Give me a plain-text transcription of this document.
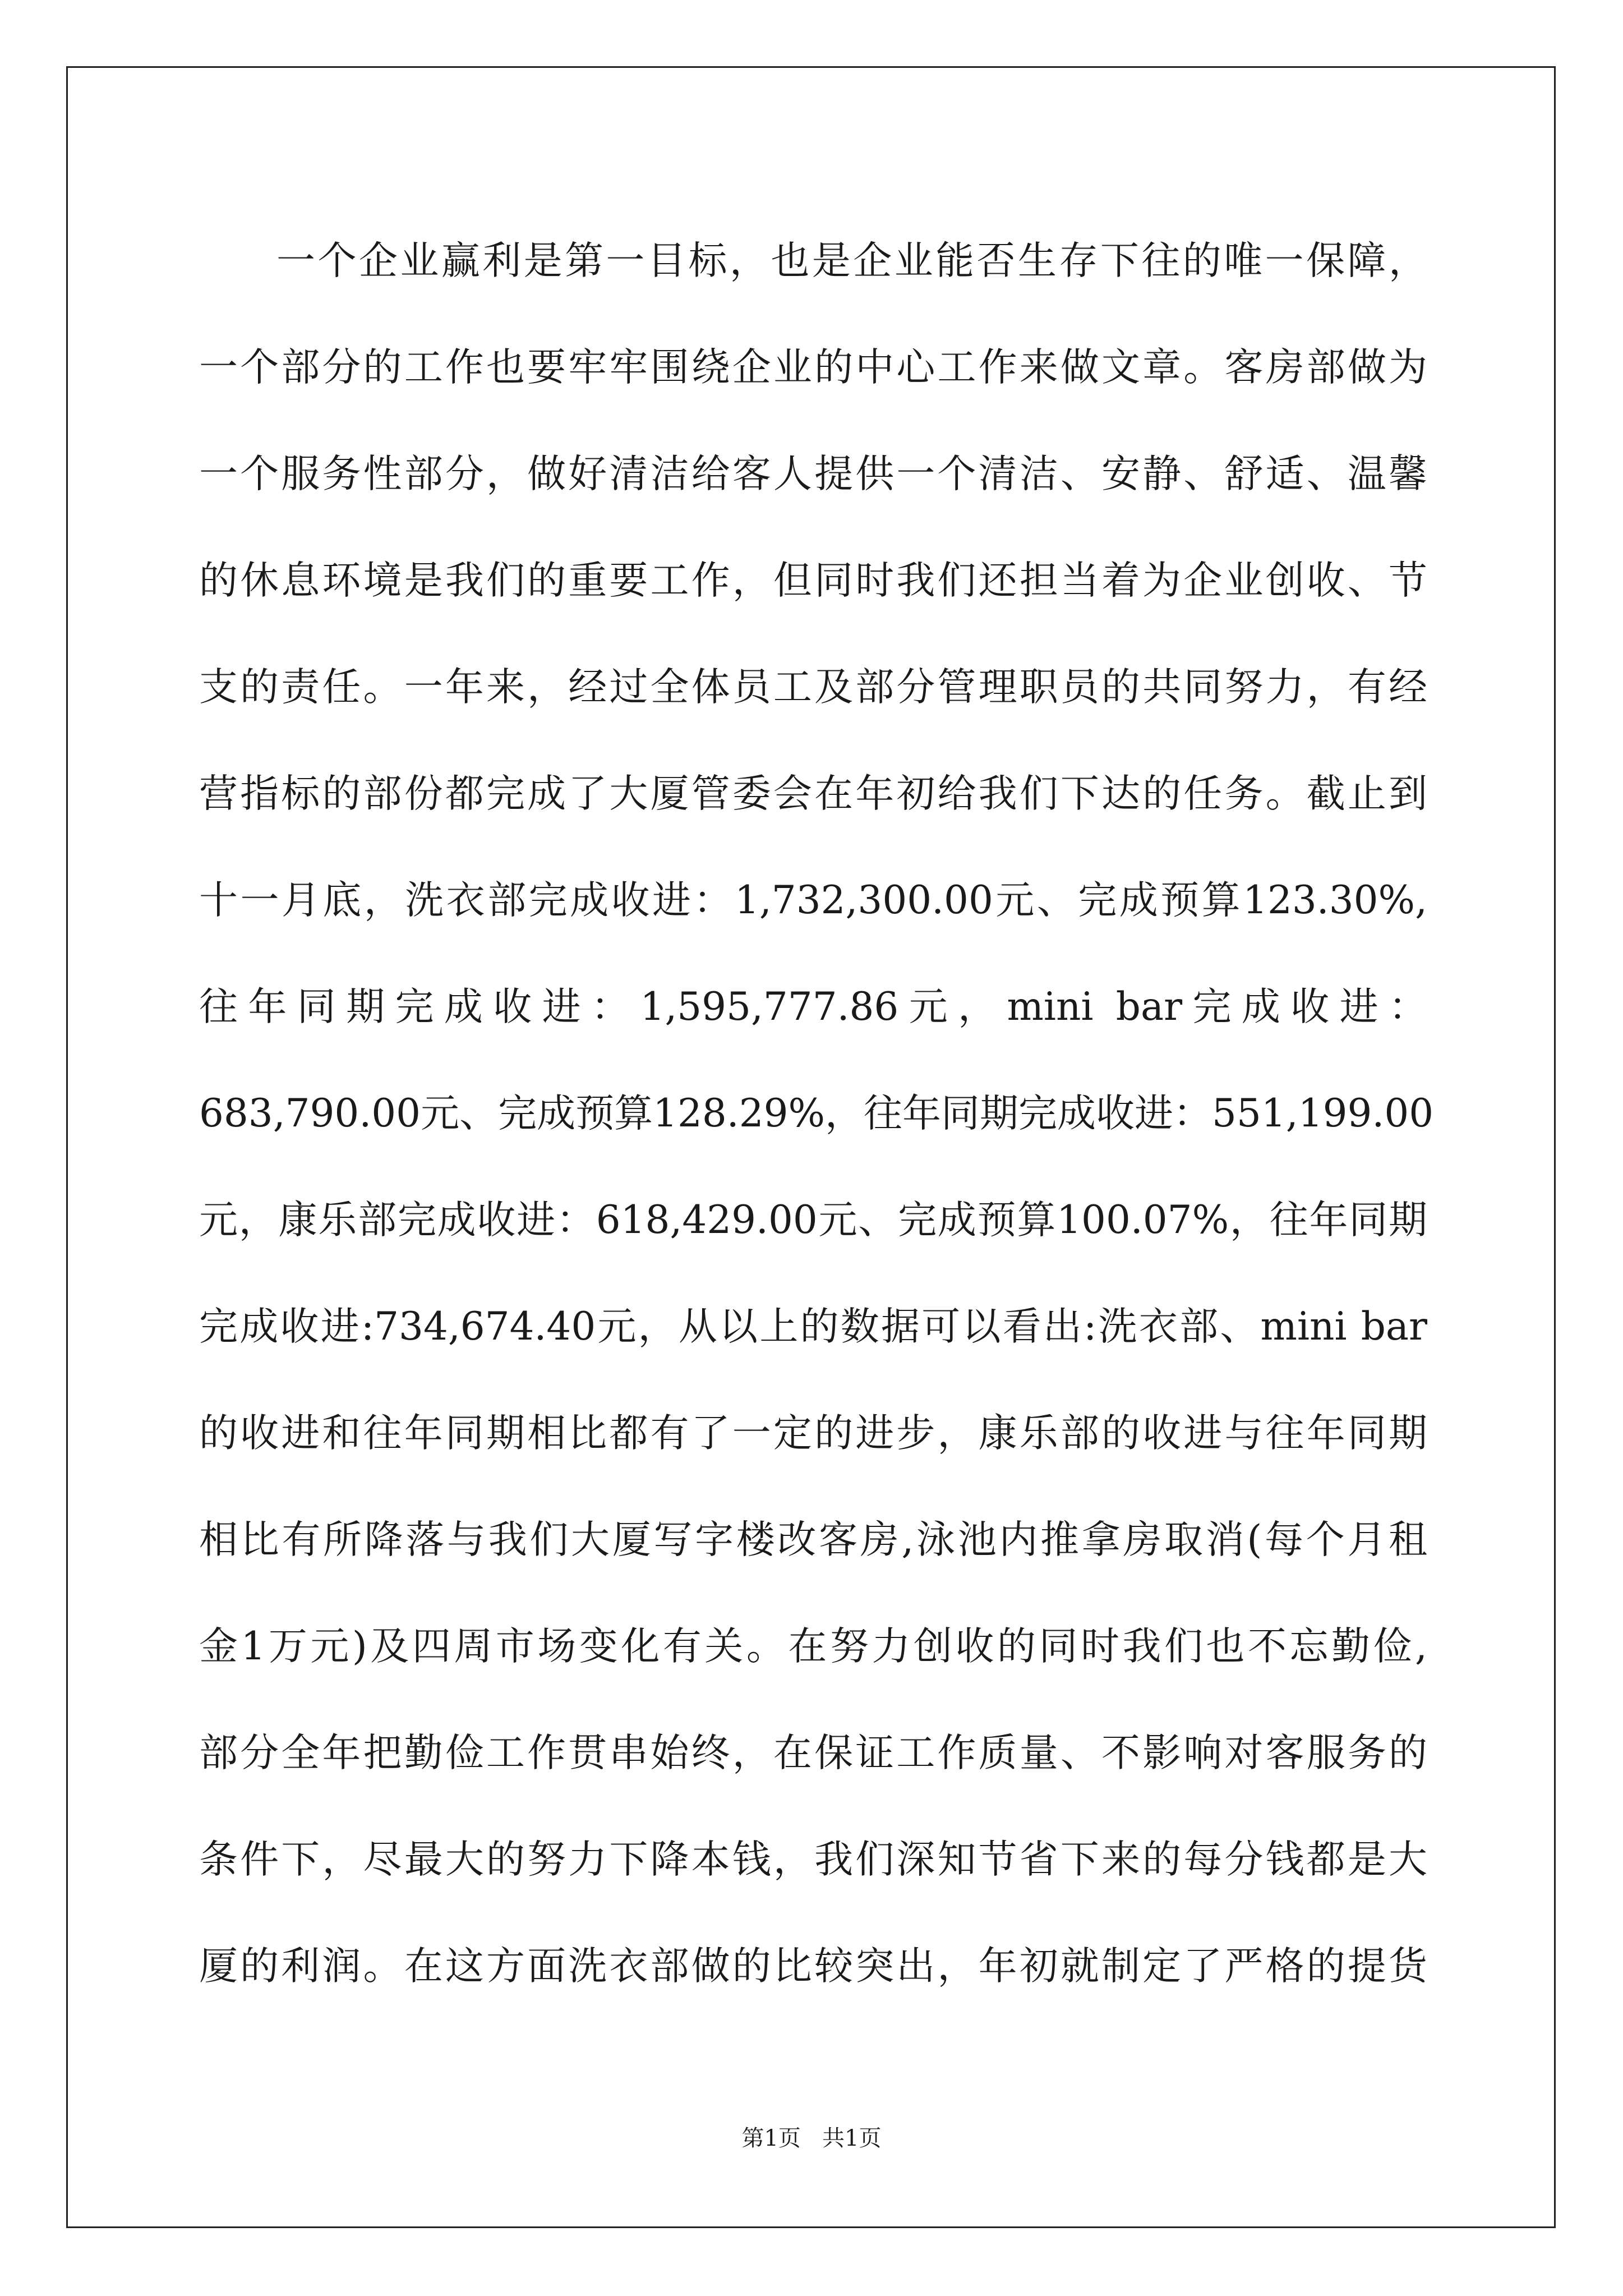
一个企业赢利是第一目标，也是企业能否生存下往的唯一保障，
一个部分的工作也要牢牢围绕企业的中心工作来做文章。客房部做为
一个服务性部分，做好清洁给客人提供一个清洁、安静、舒适、温馨
的休息环境是我们的重要工作，但同时我们还担当着为企业创收、节
支的责任。一年来，经过全体员工及部分管理职员的共同努力，有经
营指标的部份都完成了大厦管委会在年初给我们下达的任务。截止到
十一月底，洗衣部完成收进：1,732,300.00元、完成预算123.30%,
往年同期完成收进：1,595,777.86元，mini bar完成收进：
683,790.00元、完成预算128.29%，往年同期完成收进：551,199.00
元，康乐部完成收进：618,429.00元、完成预算100.07%，往年同期
完成收进:734,674.40元，从以上的数据可以看出:洗衣部、mini bar
的收进和往年同期相比都有了一定的进步，康乐部的收进与往年同期
相比有所降落与我们大厦写字楼改客房,泳池内推拿房取消(每个月租
金1万元)及四周市场变化有关。在努力创收的同时我们也不忘勤俭,
部分全年把勤俭工作贯串始终，在保证工作质量、不影响对客服务的
条件下，尽最大的努力下降本钱，我们深知节省下来的每分钱都是大
厦的利润。在这方面洗衣部做的比较突出，年初就制定了严格的提货
第1页   共1页
